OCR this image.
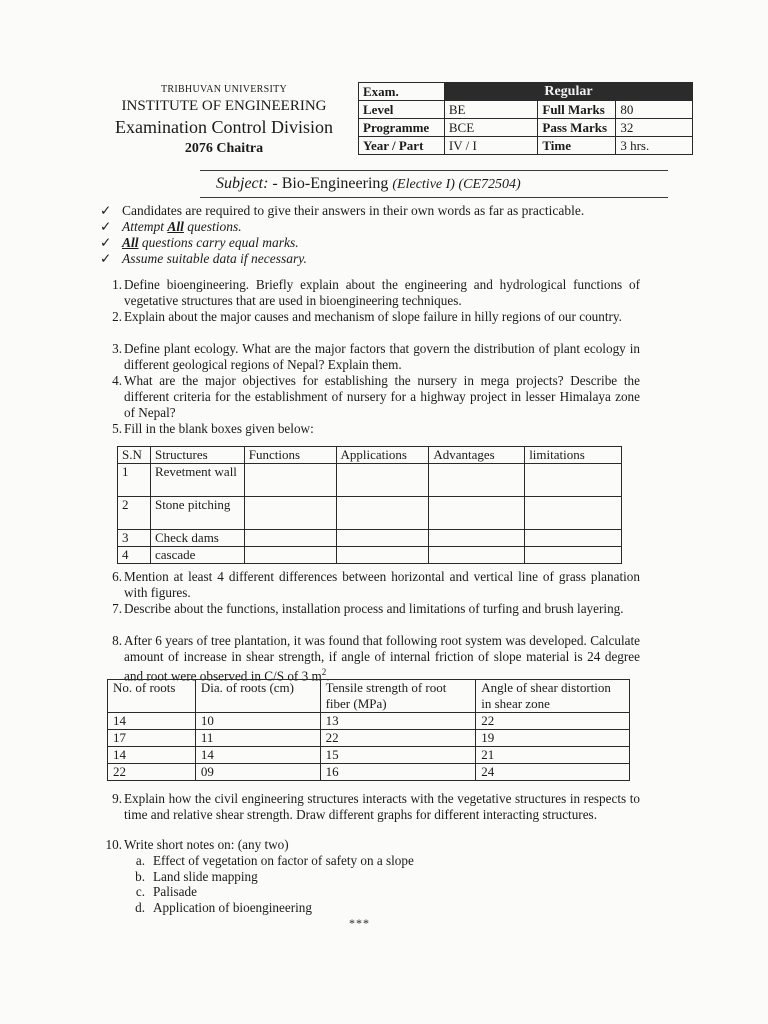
TRIBHUVAN UNIVERSITY
INSTITUTE OF ENGINEERING
Examination Control Division
2076 Chaitra
Exam.	Regular		
Level	BE	Full Marks	80
Programme	BCE	Pass Marks	32
Year / Part	IV / I	Time	3 hrs.
Subject: - Bio-Engineering (Elective I) (CE72504)
✓ Candidates are required to give their answers in their own words as far as practicable.
✓ Attempt All questions.
✓ All questions carry equal marks.
✓ Assume suitable data if necessary.
1. Define bioengineering. Briefly explain about the engineering and hydrological functions of vegetative structures that are used in bioengineering techniques.
2. Explain about the major causes and mechanism of slope failure in hilly regions of our country.
3. Define plant ecology. What are the major factors that govern the distribution of plant ecology in different geological regions of Nepal? Explain them.
4. What are the major objectives for establishing the nursery in mega projects? Describe the different criteria for the establishment of nursery for a highway project in lesser Himalaya zone of Nepal?
5. Fill in the blank boxes given below:
S.N	Structures	Functions	Applications	Advantages	limitations
1	Revetment wall				
2	Stone pitching				
3	Check dams				
4	cascade				
6. Mention at least 4 different differences between horizontal and vertical line of grass planation with figures.
7. Describe about the functions, installation process and limitations of turfing and brush layering.
8. After 6 years of tree plantation, it was found that following root system was developed. Calculate amount of increase in shear strength, if angle of internal friction of slope material is 24 degree and root were observed in C/S of 3 $m^2$.
No. of roots	Dia. of roots (cm)	Tensile strength of root fiber (MPa)	Angle of shear distortion in shear zone
14	10	13	22
17	11	22	19
14	14	15	21
22	09	16	24
9. Explain how the civil engineering structures interacts with the vegetative structures in respects to time and relative shear strength. Draw different graphs for different interacting structures.
10. Write short notes on: (any two)
a. Effect of vegetation on factor of safety on a slope
b. Land slide mapping
c. Palisade
d. Application of bioengineering
***
